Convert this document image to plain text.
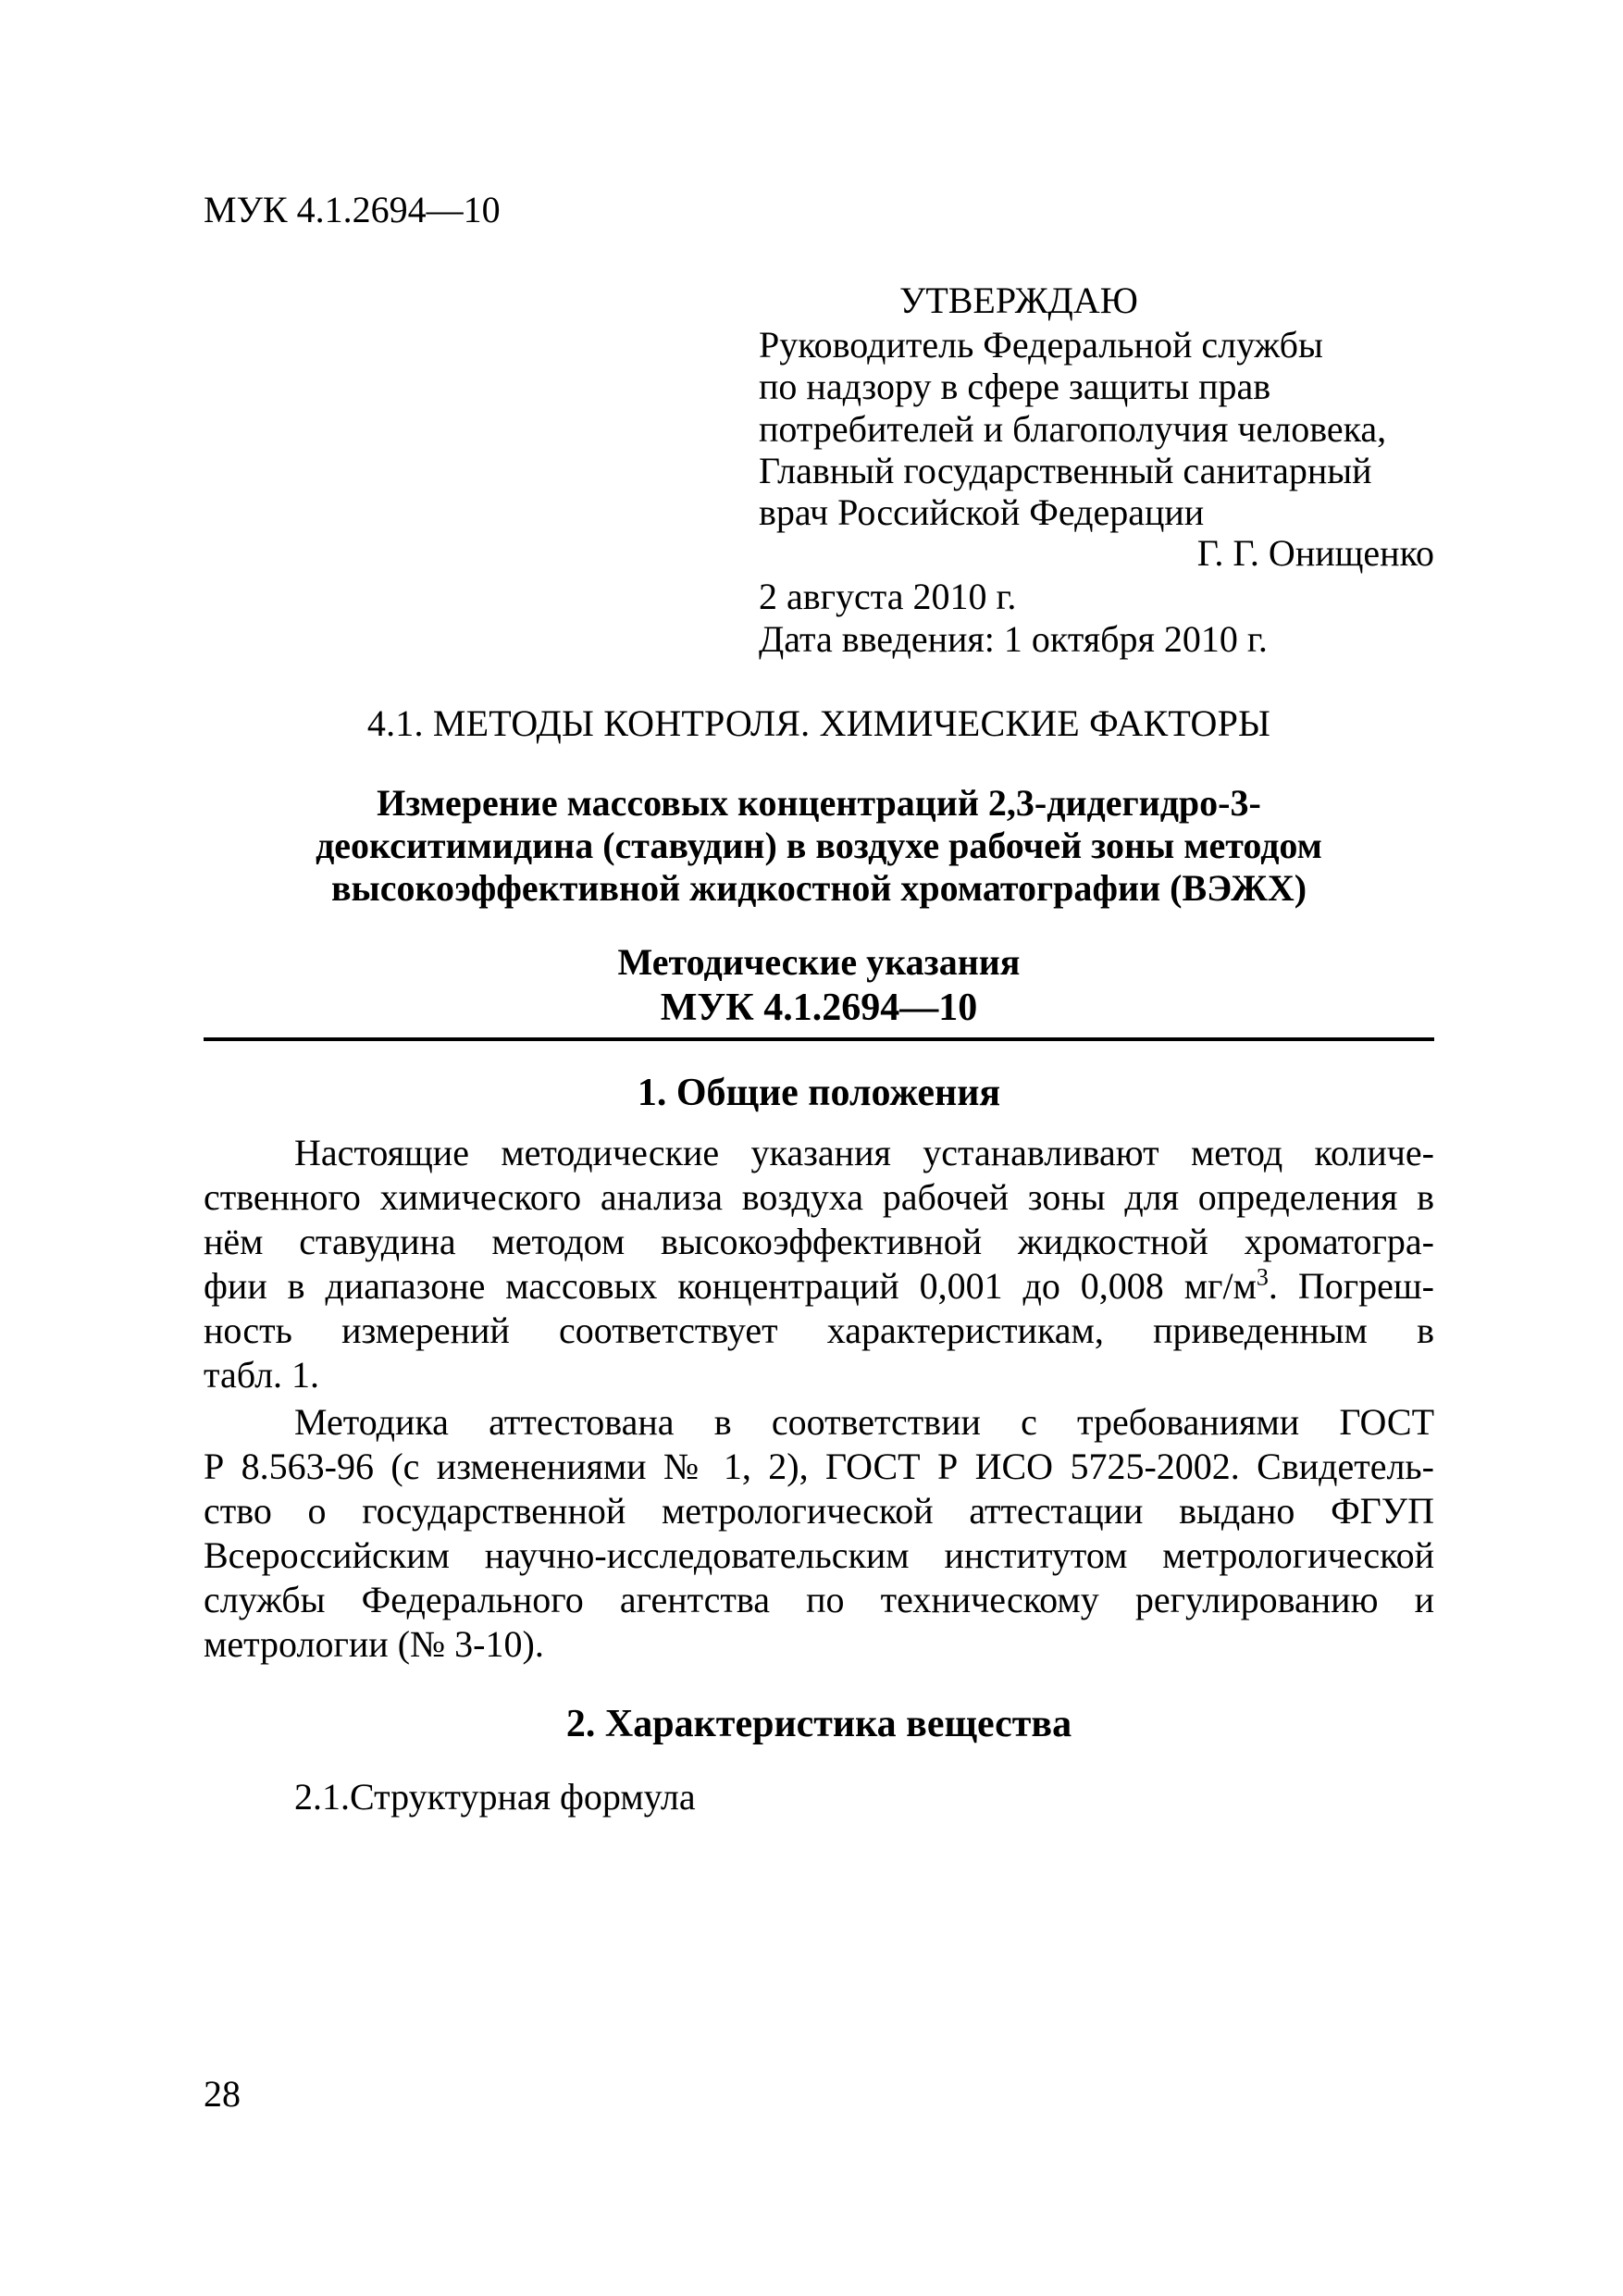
МУК 4.1.2694—10
УТВЕРЖДАЮ
Руководитель Федеральной службы
по надзору в сфере защиты прав
потребителей и благополучия человека,
Главный государственный санитарный
врач Российской Федерации
Г. Г. Онищенко
2 августа 2010 г.
Дата введения: 1 октября 2010 г.
4.1. МЕТОДЫ КОНТРОЛЯ. ХИМИЧЕСКИЕ ФАКТОРЫ
Измерение массовых концентраций 2,3-дидегидро-3-
деокситимидина (ставудин) в воздухе рабочей зоны методом
высокоэффективной жидкостной хроматографии (ВЭЖХ)
Методические указания
МУК 4.1.2694—10
1. Общие положения
Настоящие методические указания устанавливают метод количе-
ственного химического анализа воздуха рабочей зоны для определения в
нём ставудина методом высокоэффективной жидкостной хроматогра-
фии в диапазоне массовых концентраций 0,001 до 0,008 $мг/м^3$. Погреш-
ность измерений соответствует характеристикам, приведенным в
табл. 1.
Методика аттестована в соответствии с требованиями ГОСТ
Р 8.563-96 (с изменениями № 1, 2), ГОСТ Р ИСО 5725-2002. Свидетель-
ство о государственной метрологической аттестации выдано ФГУП
Всероссийским научно-исследовательским институтом метрологической
службы Федерального агентства по техническому регулированию и
метрологии (№ 3-10).
2. Характеристика вещества
2.1.Структурная формула
28
